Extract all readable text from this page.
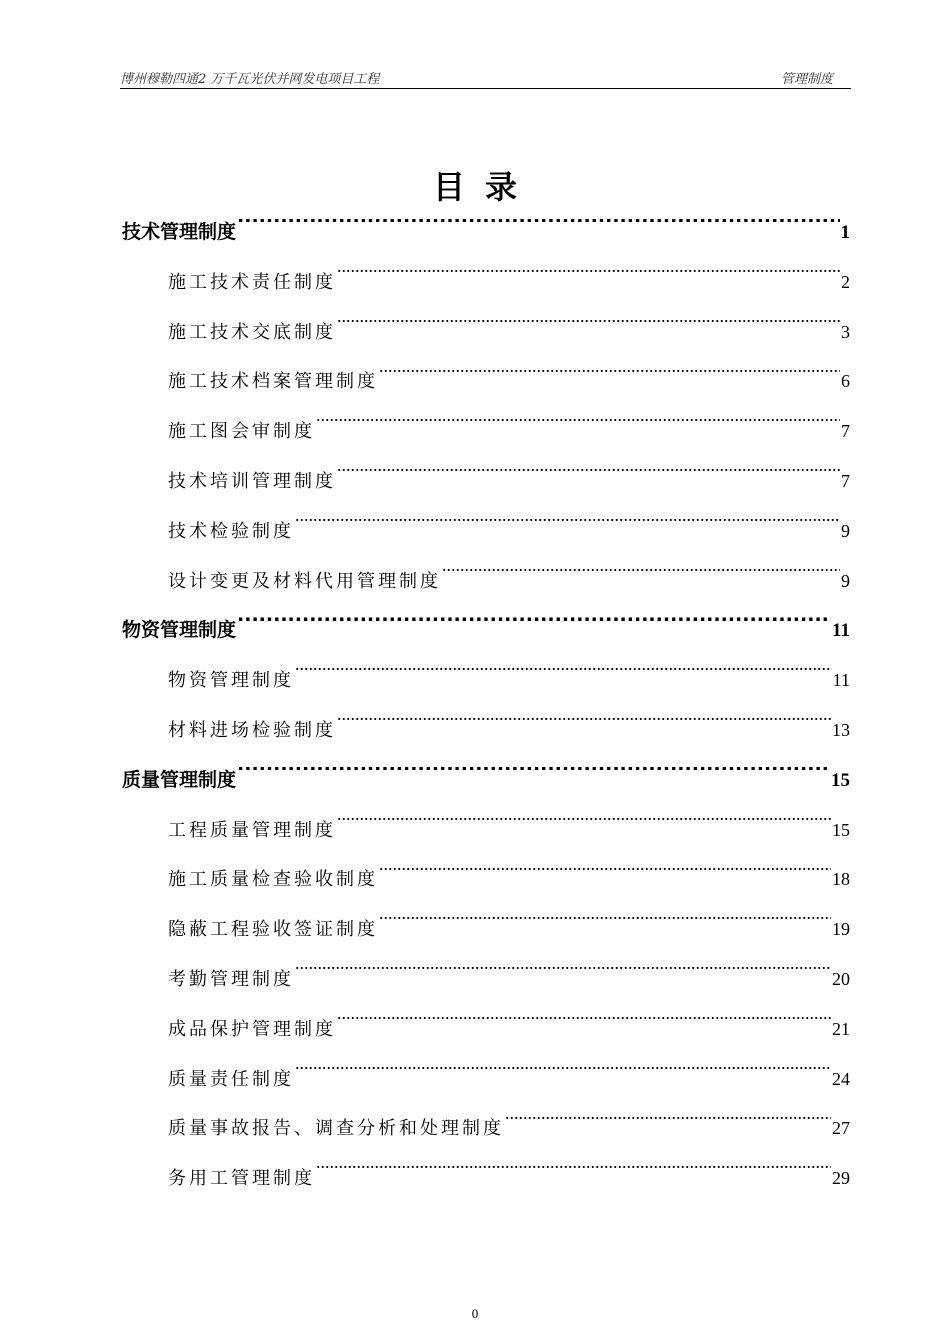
博州穆勒四通2 万千瓦光伏并网发电项目工程	管理制度
目录
技术管理制度 .....	1
施工技术责任制度 .....	2
施工技术交底制度 .....	3
施工技术档案管理制度 .....	6
施工图会审制度 .....	7
技术培训管理制度 .....	7
技术检验制度 .....	9
设计变更及材料代用管理制度 .....	9
物资管理制度 .....	11
物资管理制度 .....	11
材料进场检验制度 .....	13
质量管理制度 .....	15
工程质量管理制度 .....	15
施工质量检查验收制度 .....	18
隐蔽工程验收签证制度 .....	19
考勤管理制度 .....	20
成品保护管理制度 .....	21
质量责任制度 .....	24
质量事故报告、调查分析和处理制度 .....	27
务用工管理制度 .....	29
0
